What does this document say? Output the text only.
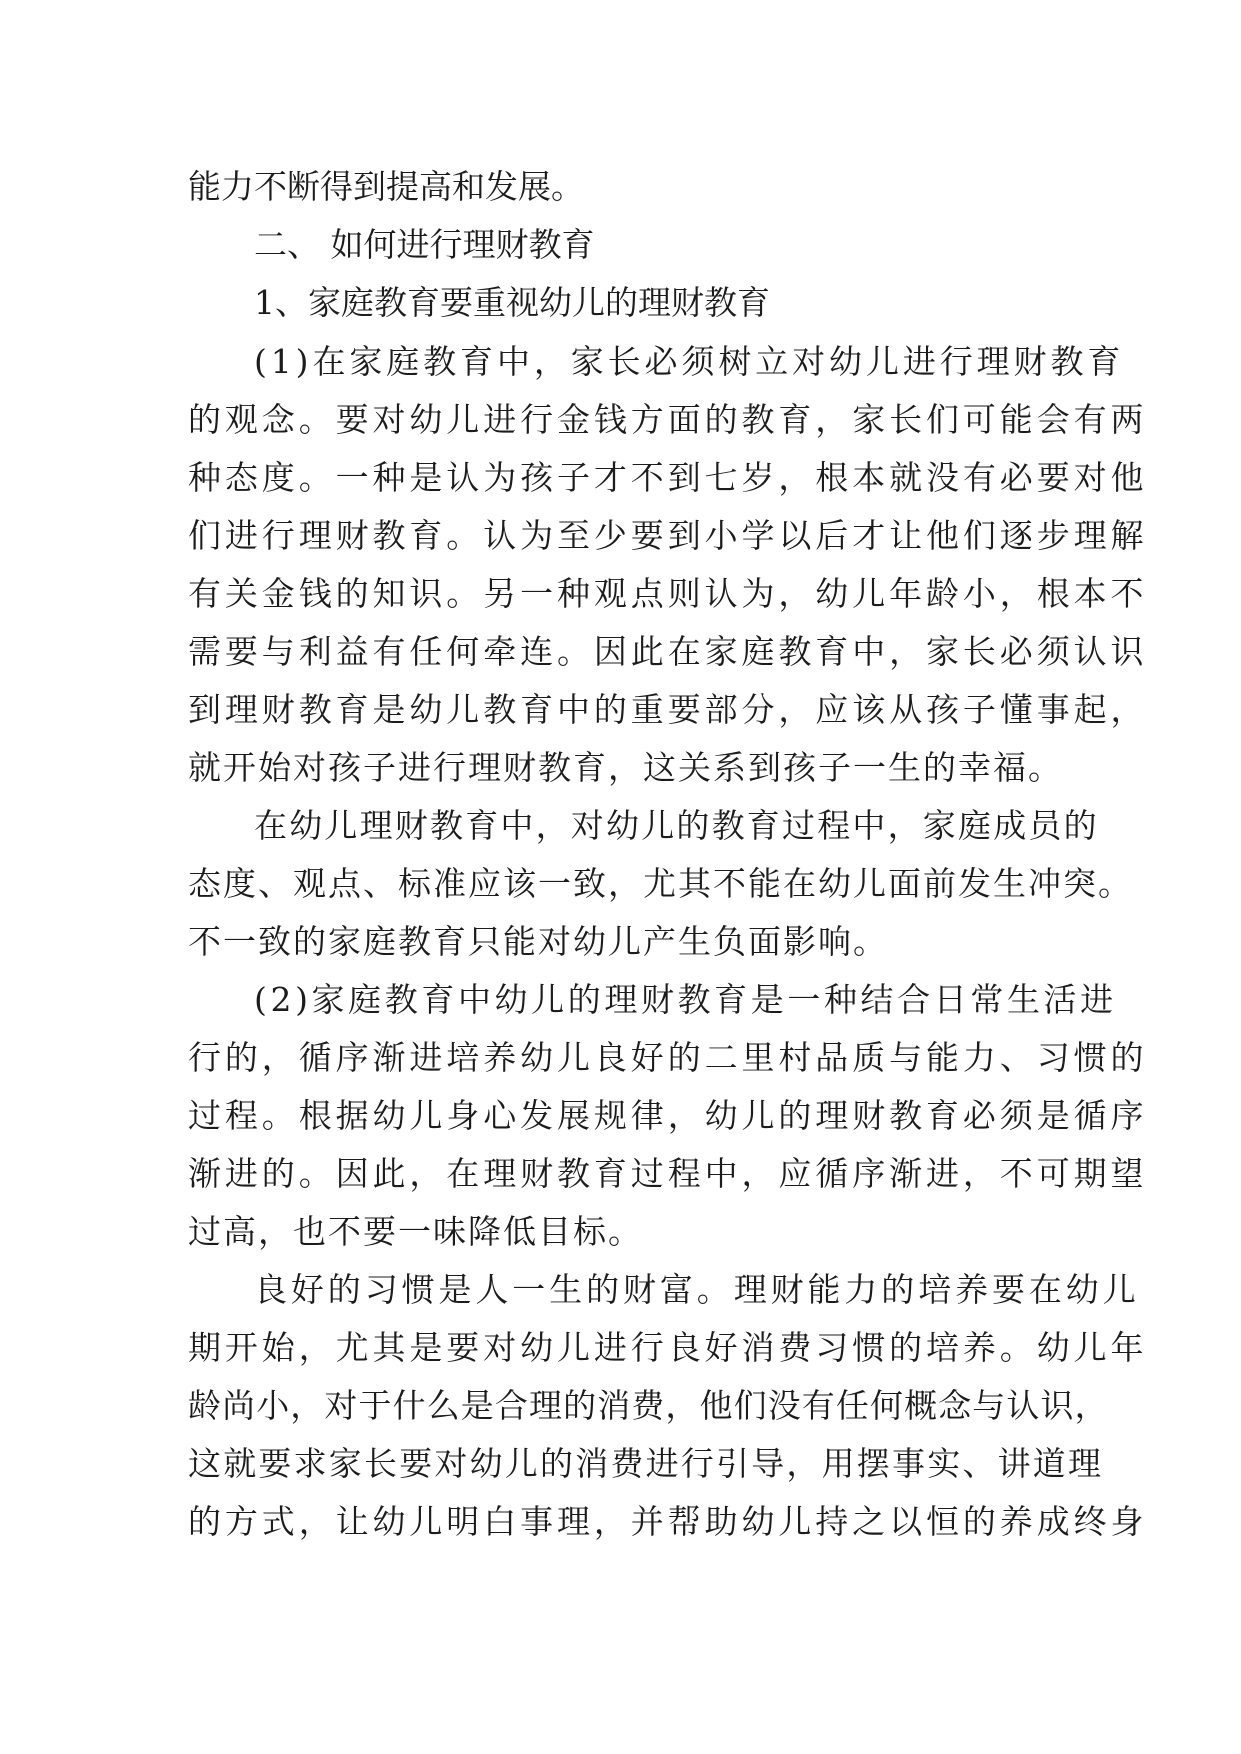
能力不断得到提高和发展。
二、 如何进行理财教育
1、家庭教育要重视幼儿的理财教育
(1)在家庭教育中，家长必须树立对幼儿进行理财教育
的观念。要对幼儿进行金钱方面的教育，家长们可能会有两
种态度。一种是认为孩子才不到七岁，根本就没有必要对他
们进行理财教育。认为至少要到小学以后才让他们逐步理解
有关金钱的知识。另一种观点则认为，幼儿年龄小，根本不
需要与利益有任何牵连。因此在家庭教育中，家长必须认识
到理财教育是幼儿教育中的重要部分，应该从孩子懂事起，
就开始对孩子进行理财教育，这关系到孩子一生的幸福。
在幼儿理财教育中，对幼儿的教育过程中，家庭成员的
态度、观点、标准应该一致，尤其不能在幼儿面前发生冲突。
不一致的家庭教育只能对幼儿产生负面影响。
(2)家庭教育中幼儿的理财教育是一种结合日常生活进
行的，循序渐进培养幼儿良好的二里村品质与能力、习惯的
过程。根据幼儿身心发展规律，幼儿的理财教育必须是循序
渐进的。因此，在理财教育过程中，应循序渐进，不可期望
过高，也不要一味降低目标。
良好的习惯是人一生的财富。理财能力的培养要在幼儿
期开始，尤其是要对幼儿进行良好消费习惯的培养。幼儿年
龄尚小，对于什么是合理的消费，他们没有任何概念与认识，
这就要求家长要对幼儿的消费进行引导，用摆事实、讲道理
的方式，让幼儿明白事理，并帮助幼儿持之以恒的养成终身
